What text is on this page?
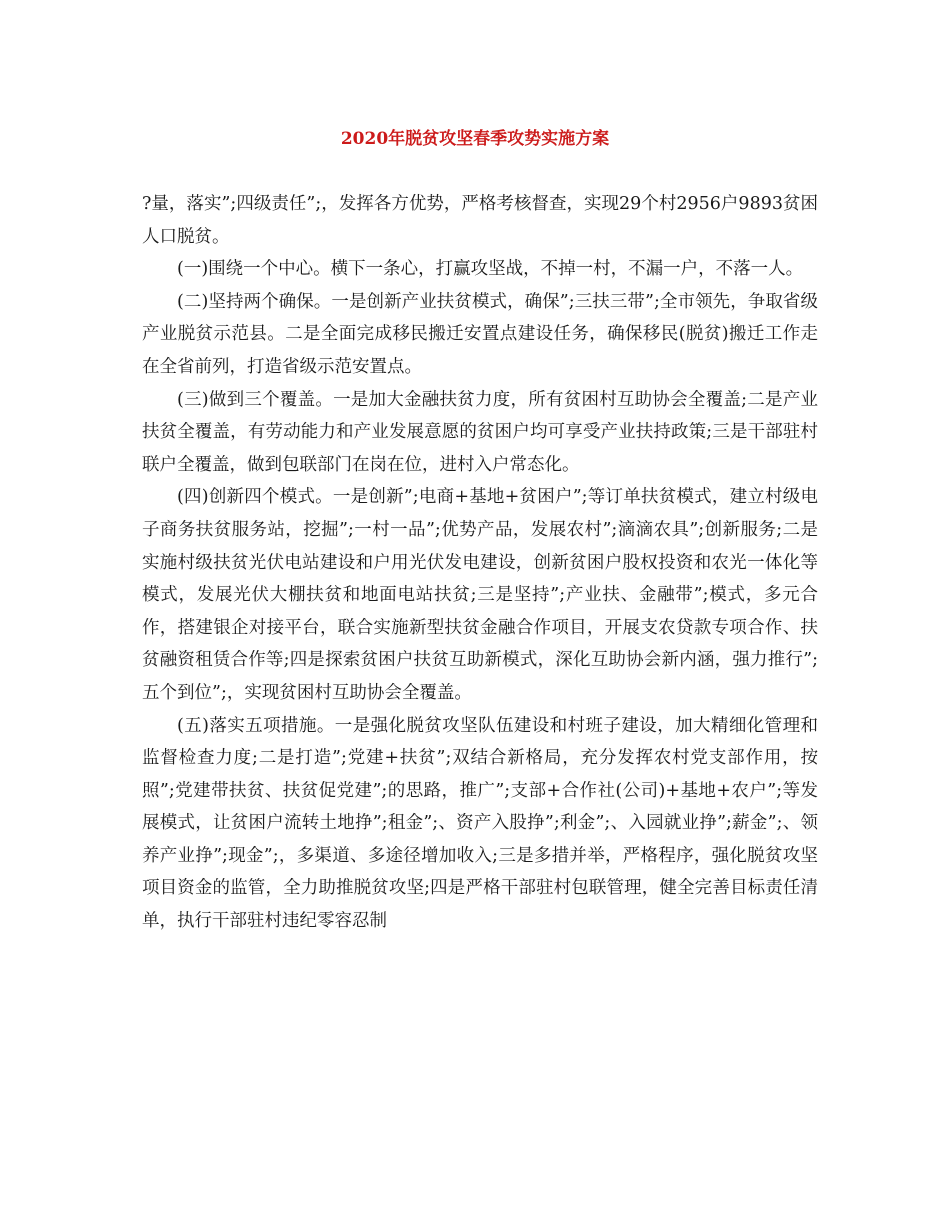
2020年脱贫攻坚春季攻势实施方案

?量，落实”;四级责任”;，发挥各方优势，严格考核督查，实现29个村2956户9893贫困人口脱贫。

(一)围绕一个中心。横下一条心，打赢攻坚战，不掉一村，不漏一户，不落一人。

(二)坚持两个确保。一是创新产业扶贫模式，确保”;三扶三带”;全市领先，争取省级产业脱贫示范县。二是全面完成移民搬迁安置点建设任务，确保移民(脱贫)搬迁工作走在全省前列，打造省级示范安置点。

(三)做到三个覆盖。一是加大金融扶贫力度，所有贫困村互助协会全覆盖;二是产业扶贫全覆盖，有劳动能力和产业发展意愿的贫困户均可享受产业扶持政策;三是干部驻村联户全覆盖，做到包联部门在岗在位，进村入户常态化。

(四)创新四个模式。一是创新”;电商+基地+贫困户”;等订单扶贫模式，建立村级电子商务扶贫服务站，挖掘”;一村一品”;优势产品，发展农村”;滴滴农具”;创新服务;二是实施村级扶贫光伏电站建设和户用光伏发电建设，创新贫困户股权投资和农光一体化等模式，发展光伏大棚扶贫和地面电站扶贫;三是坚持”;产业扶、金融带”;模式，多元合作，搭建银企对接平台，联合实施新型扶贫金融合作项目，开展支农贷款专项合作、扶贫融资租赁合作等;四是探索贫困户扶贫互助新模式，深化互助协会新内涵，强力推行”;五个到位”;，实现贫困村互助协会全覆盖。

(五)落实五项措施。一是强化脱贫攻坚队伍建设和村班子建设，加大精细化管理和监督检查力度;二是打造”;党建+扶贫”;双结合新格局，充分发挥农村党支部作用，按照”;党建带扶贫、扶贫促党建”;的思路，推广”;支部+合作社(公司)+基地+农户”;等发展模式，让贫困户流转土地挣”;租金”;、资产入股挣”;利金”;、入园就业挣”;薪金”;、领养产业挣”;现金”;，多渠道、多途径增加收入;三是多措并举，严格程序，强化脱贫攻坚项目资金的监管，全力助推脱贫攻坚;四是严格干部驻村包联管理，健全完善目标责任清单，执行干部驻村违纪零容忍制
